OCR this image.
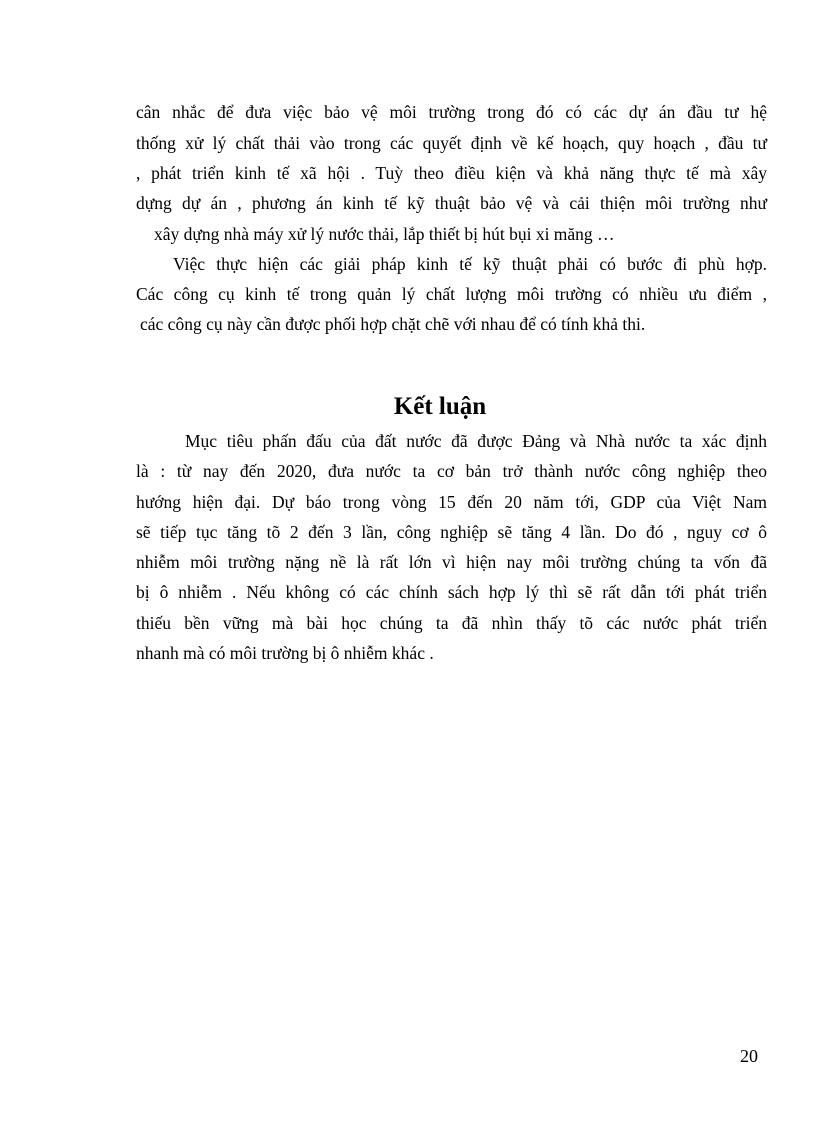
cân nhắc để đưa việc bảo vệ môi trường trong đó có các dự án đầu tư hệ
thống xử lý chất thải vào trong các quyết định về kế hoạch, quy hoạch , đầu tư
, phát triển kinh tế xã hội . Tuỳ theo điều kiện và khả năng thực tế mà xây
dựng dự án , phương án kinh tế kỹ thuật bảo vệ và cải thiện môi trường như
xây dựng nhà máy xử lý nước thải, lắp thiết bị hút bụi xi măng …
Việc thực hiện các giải pháp kinh tế kỹ thuật phải có bước đi phù hợp.
Các công cụ kinh tế trong quản lý chất lượng môi trường có nhiều ưu điểm ,
các công cụ này cần được phối hợp chặt chẽ với nhau để có tính khả thi.
Kết luận
Mục tiêu phấn đấu của đất nước đã được Đảng và Nhà nước ta xác định
là : từ nay đến 2020, đưa nước ta cơ bản trở thành nước công nghiệp theo
hướng hiện đại. Dự báo trong vòng 15 đến 20 năm tới, GDP của Việt Nam
sẽ tiếp tục tăng tõ 2 đến 3 lần, công nghiệp sẽ tăng 4 lần. Do đó , nguy cơ ô
nhiễm môi trường nặng nề là rất lớn vì hiện nay môi trường chúng ta vốn đã
bị ô nhiễm . Nếu không có các chính sách hợp lý thì sẽ rất dẫn tới phát triển
thiếu bền vững mà bài học chúng ta đã nhìn thấy tõ các nước phát triển
nhanh mà có môi trường bị ô nhiễm khác .
20
